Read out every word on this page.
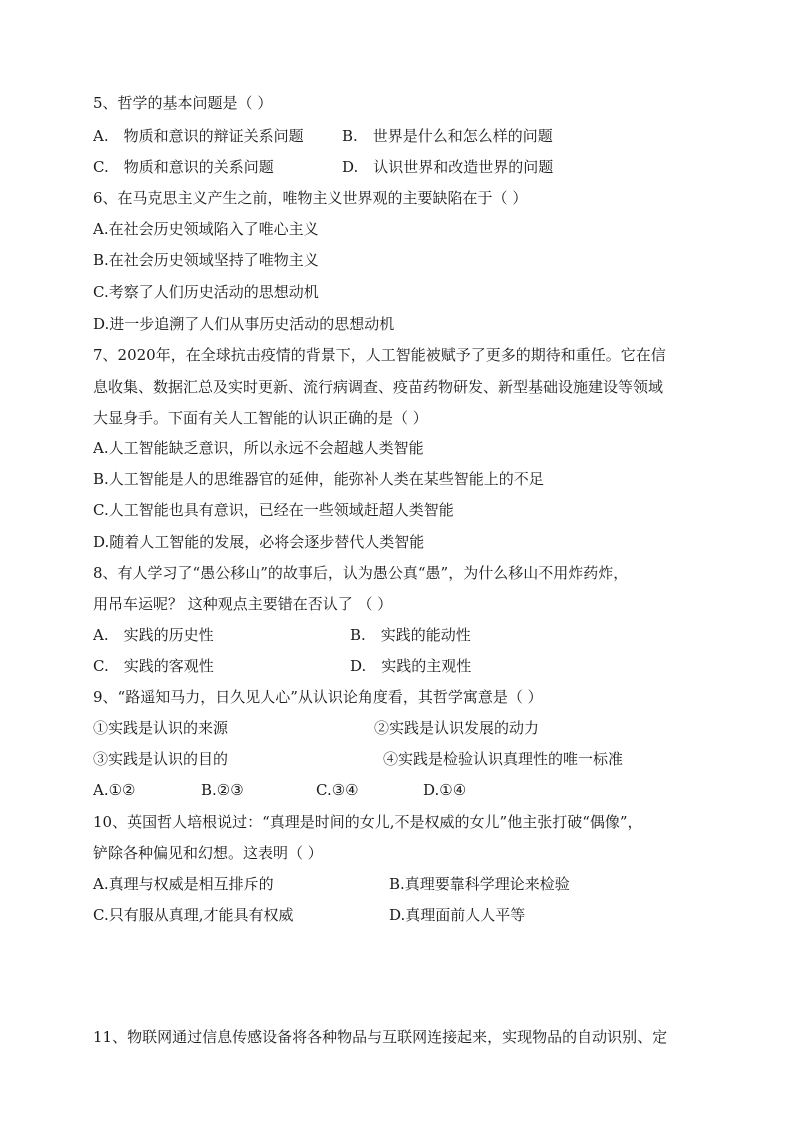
5、哲学的基本问题是（ ）
A.　物质和意识的辩证关系问题	B.　世界是什么和怎么样的问题
C.　物质和意识的关系问题	D.　认识世界和改造世界的问题
6、在马克思主义产生之前，唯物主义世界观的主要缺陷在于（ ）
A.在社会历史领域陷入了唯心主义
B.在社会历史领域坚持了唯物主义
C.考察了人们历史活动的思想动机
D.进一步追溯了人们从事历史活动的思想动机
7、2020年，在全球抗击疫情的背景下，人工智能被赋予了更多的期待和重任。它在信
息收集、数据汇总及实时更新、流行病调查、疫苗药物研发、新型基础设施建设等领域
大显身手。下面有关人工智能的认识正确的是（ ）
A.人工智能缺乏意识，所以永远不会超越人类智能
B.人工智能是人的思维器官的延伸，能弥补人类在某些智能上的不足
C.人工智能也具有意识，已经在一些领域赶超人类智能
D.随着人工智能的发展，必将会逐步替代人类智能
8、有人学习了“愚公移山”的故事后，认为愚公真“愚”，为什么移山不用炸药炸，
用吊车运呢？ 这种观点主要错在否认了 （ ）
A.　实践的历史性	B.　实践的能动性
C.　实践的客观性	D.　实践的主观性
9、“路遥知马力，日久见人心”从认识论角度看，其哲学寓意是（ ）
①实践是认识的来源	②实践是认识发展的动力
③实践是认识的目的	④实践是检验认识真理性的唯一标准
A.①②	B.②③	C.③④	D.①④
10、英国哲人培根说过：“真理是时间的女儿,不是权威的女儿”他主张打破“偶像”，
铲除各种偏见和幻想。这表明（ ）
A.真理与权威是相互排斥的	B.真理要靠科学理论来检验
C.只有服从真理,才能具有权威	D.真理面前人人平等
11、物联网通过信息传感设备将各种物品与互联网连接起来，实现物品的自动识别、定
